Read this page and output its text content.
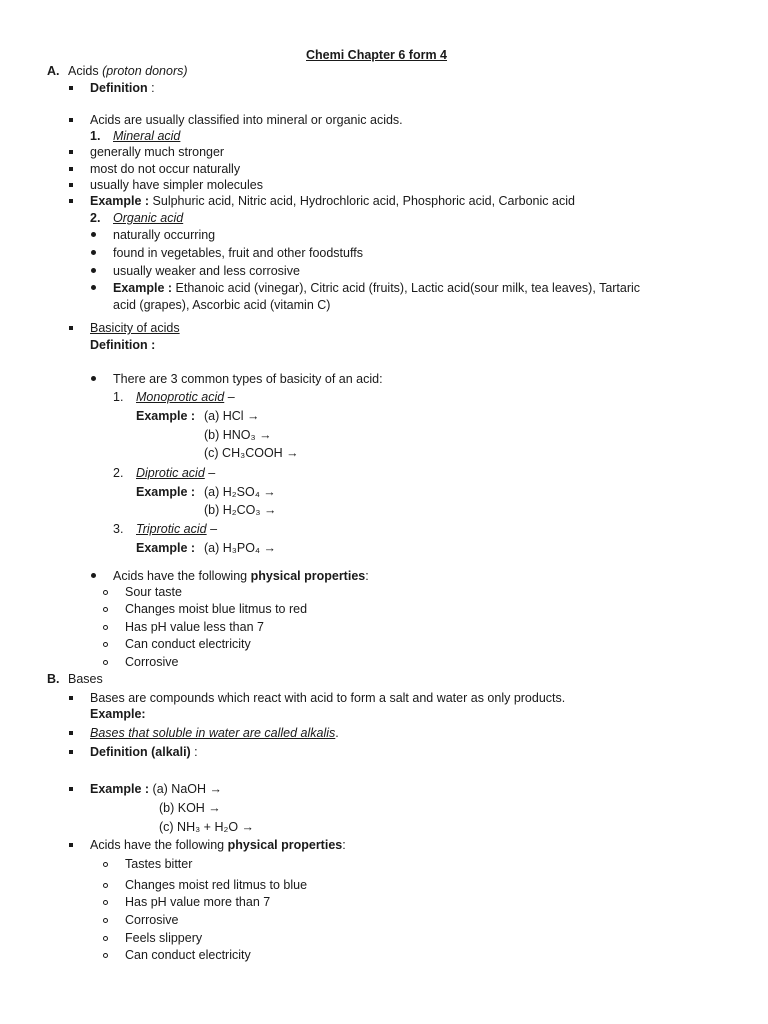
Chemi Chapter 6 form 4
A. Acids (proton donors)
Definition :
Acids are usually classified into mineral or organic acids.
1. Mineral acid
generally much stronger
most do not occur naturally
usually have simpler molecules
Example : Sulphuric acid, Nitric acid, Hydrochloric acid, Phosphoric acid, Carbonic acid
2. Organic acid
naturally occurring
found in vegetables, fruit and other foodstuffs
usually weaker and less corrosive
Example : Ethanoic acid (vinegar), Citric acid (fruits), Lactic acid(sour milk, tea leaves), Tartaric
acid (grapes), Ascorbic acid (vitamin C)
Basicity of acids
Definition :
There are 3 common types of basicity of an acid:
1. Monoprotic acid –
Example : (a) HCl →
(b) HNO₃ →
(c) CH₃COOH →
2. Diprotic acid –
Example : (a) H₂SO₄ →
(b) H₂CO₃ →
3. Triprotic acid –
Example : (a) H₃PO₄ →
Acids have the following physical properties:
Sour taste
Changes moist blue litmus to red
Has pH value less than 7
Can conduct electricity
Corrosive
B. Bases
Bases are compounds which react with acid to form a salt and water as only products.
Example:
Bases that soluble in water are called alkalis.
Definition (alkali) :
Example : (a) NaOH →
(b) KOH →
(c) NH₃ + H₂O →
Acids have the following physical properties:
Tastes bitter
Changes moist red litmus to blue
Has pH value more than 7
Corrosive
Feels slippery
Can conduct electricity
